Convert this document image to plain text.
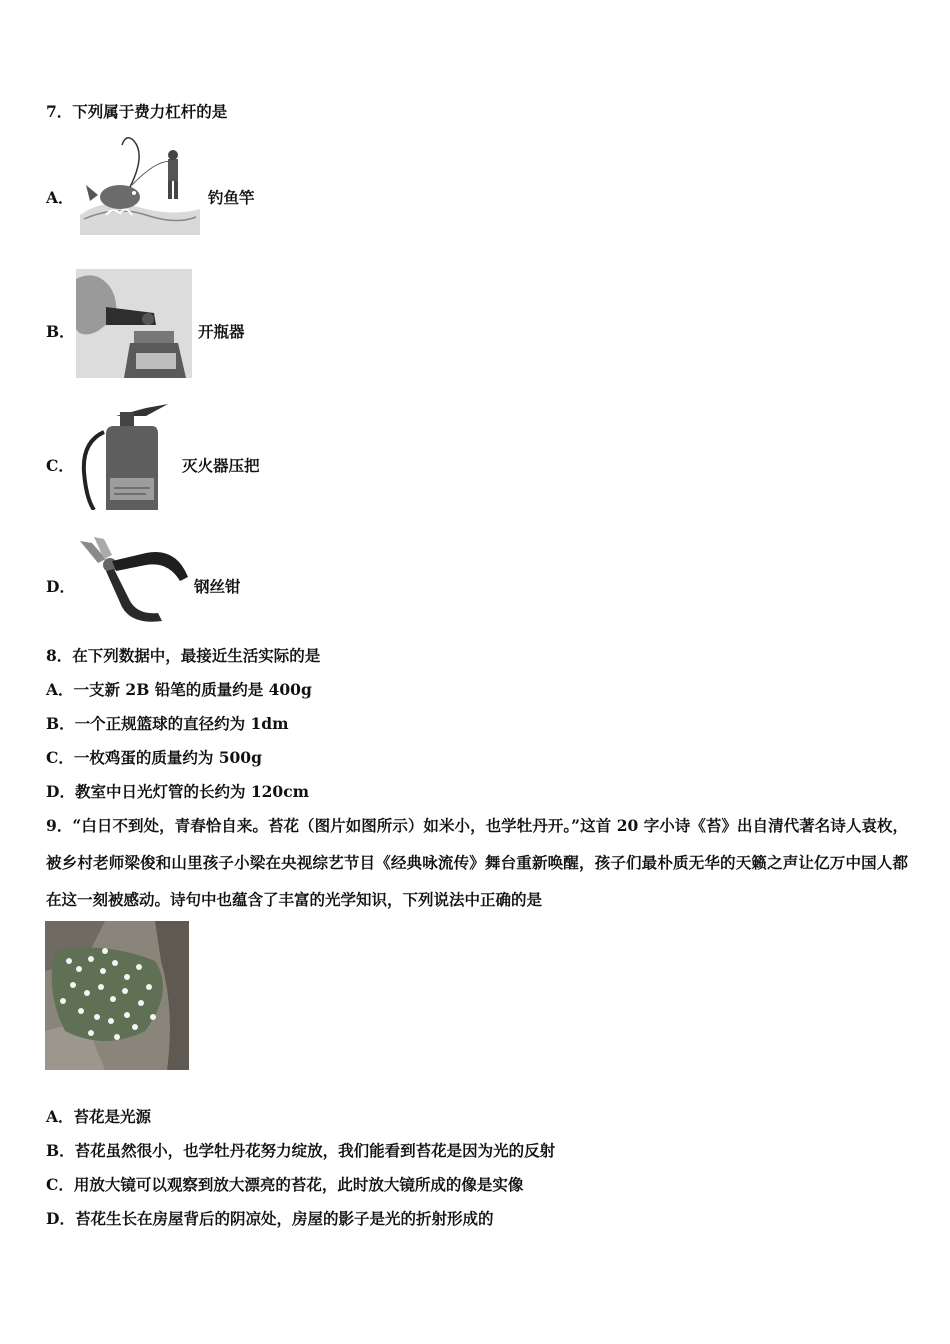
7．下列属于费力杠杆的是
A．	钓鱼竿
B．	开瓶器
C．	灭火器压把
D．	钢丝钳
8．在下列数据中，最接近生活实际的是
A．一支新 2B 铅笔的质量约是 400g
B．一个正规篮球的直径约为 1dm
C．一枚鸡蛋的质量约为 500g
D．教室中日光灯管的长约为 120cm
9．“白日不到处，青春恰自来。苔花（图片如图所示）如米小，也学牡丹开。”这首 20 字小诗《苔》出自清代著名诗人袁枚，被乡村老师梁俊和山里孩子小梁在央视综艺节目《经典咏流传》舞台重新唤醒，孩子们最朴质无华的天籁之声让亿万中国人都在这一刻被感动。诗句中也蕴含了丰富的光学知识，下列说法中正确的是
A．苔花是光源
B．苔花虽然很小，也学牡丹花努力绽放，我们能看到苔花是因为光的反射
C．用放大镜可以观察到放大漂亮的苔花，此时放大镜所成的像是实像
D．苔花生长在房屋背后的阴凉处，房屋的影子是光的折射形成的
